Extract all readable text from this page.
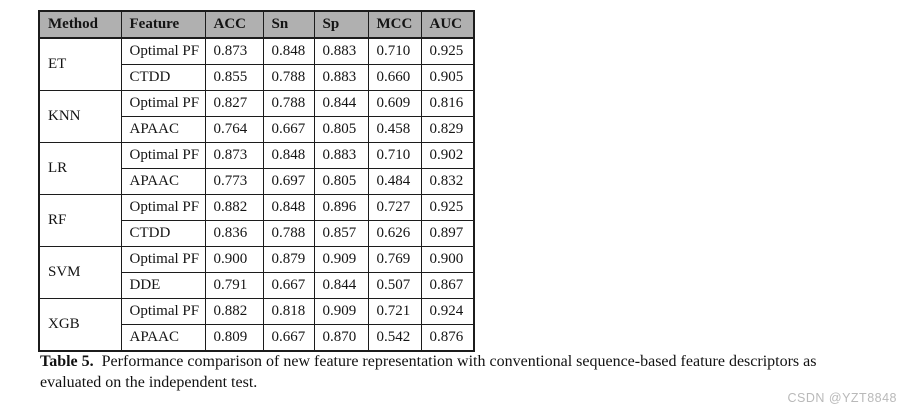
Method	Feature	ACC	Sn	Sp	MCC	AUC
ET	Optimal PF	0.873	0.848	0.883	0.710	0.925
	CTDD	0.855	0.788	0.883	0.660	0.905
KNN	Optimal PF	0.827	0.788	0.844	0.609	0.816
	APAAC	0.764	0.667	0.805	0.458	0.829
LR	Optimal PF	0.873	0.848	0.883	0.710	0.902
	APAAC	0.773	0.697	0.805	0.484	0.832
RF	Optimal PF	0.882	0.848	0.896	0.727	0.925
	CTDD	0.836	0.788	0.857	0.626	0.897
SVM	Optimal PF	0.900	0.879	0.909	0.769	0.900
	DDE	0.791	0.667	0.844	0.507	0.867
XGB	Optimal PF	0.882	0.818	0.909	0.721	0.924
	APAAC	0.809	0.667	0.870	0.542	0.876

Table 5. Performance comparison of new feature representation with conventional sequence-based feature descriptors as evaluated on the independent test.

CSDN @YZT8848
